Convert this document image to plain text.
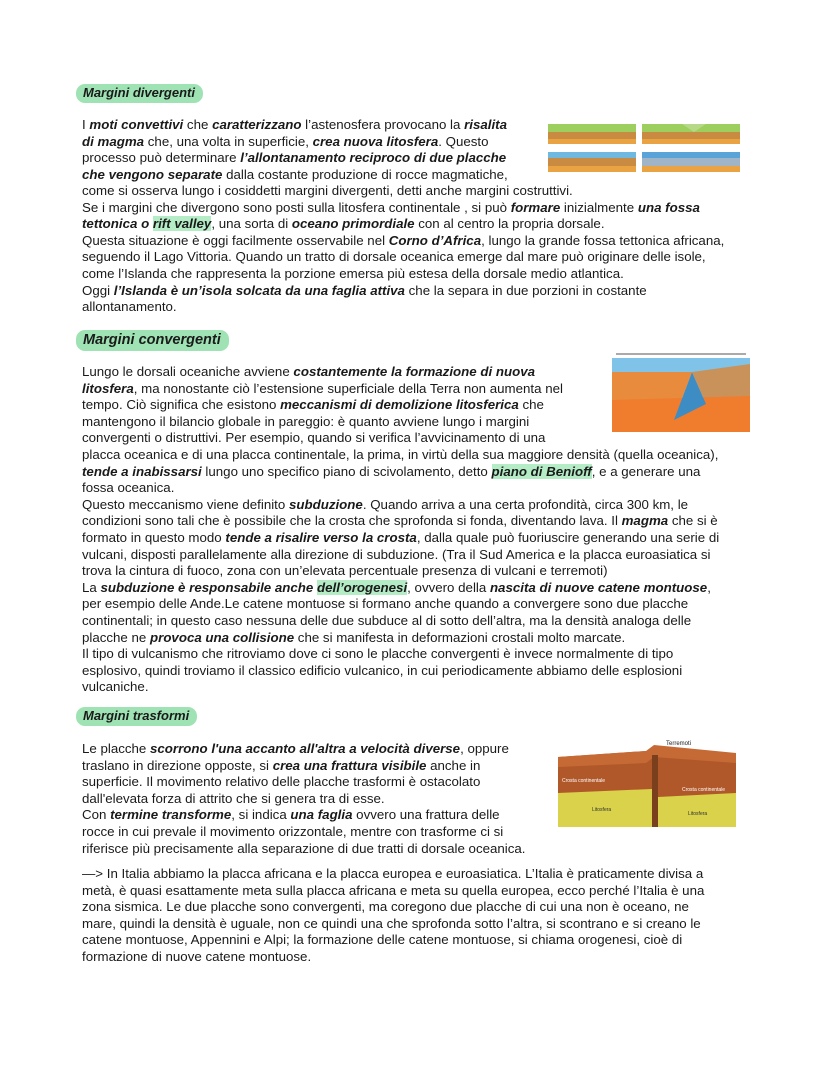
Margini divergenti
I moti convettivi che caratterizzano l’astenosfera provocano la risalita
di magma che, una volta in superficie, crea nuova litosfera. Questo
processo può determinare l’allontanamento reciproco di due placche
che vengono separate dalla costante produzione di rocce magmatiche,
come si osserva lungo i cosiddetti margini divergenti, detti anche margini costruttivi.
Se i margini che divergono sono posti sulla litosfera continentale , si può formare inizialmente una fossa
tettonica o rift valley, una sorta di oceano primordiale con al centro la propria dorsale.
Questa situazione è oggi facilmente osservabile nel Corno d’Africa, lungo la grande fossa tettonica africana,
seguendo il Lago Vittoria. Quando un tratto di dorsale oceanica emerge dal mare può originare delle isole,
come l’Islanda che rappresenta la porzione emersa più estesa della dorsale medio atlantica.
Oggi l’Islanda è un’isola solcata da una faglia attiva che la separa in due porzioni in costante
allontanamento.
Margini convergenti
Lungo le dorsali oceaniche avviene costantemente la formazione di nuova
litosfera, ma nonostante ciò l’estensione superficiale della Terra non aumenta nel
tempo. Ciò significa che esistono meccanismi di demolizione litosferica che
mantengono il bilancio globale in pareggio: è quanto avviene lungo i margini
convergenti o distruttivi. Per esempio, quando si verifica l’avvicinamento di una
placca oceanica e di una placca continentale, la prima, in virtù della sua maggiore densità (quella oceanica),
tende a inabissarsi lungo uno specifico piano di scivolamento, detto piano di Benioff, e a generare una
fossa oceanica.
Questo meccanismo viene definito subduzione. Quando arriva a una certa profondità, circa 300 km, le
condizioni sono tali che è possibile che la crosta che sprofonda si fonda, diventando lava. Il magma che si è
formato in questo modo tende a risalire verso la crosta, dalla quale può fuoriuscire generando una serie di
vulcani, disposti parallelamente alla direzione di subduzione. (Tra il Sud America e la placca euroasiatica si
trova la cintura di fuoco, zona con un’elevata percentuale presenza di vulcani e terremoti)
La subduzione è responsabile anche dell’orogenesi, ovvero della nascita di nuove catene montuose,
per esempio delle Ande.Le catene montuose si formano anche quando a convergere sono due placche
continentali; in questo caso nessuna delle due subduce al di sotto dell’altra, ma la densità analoga delle
placche ne provoca una collisione che si manifesta in deformazioni crostali molto marcate.
Il tipo di vulcanismo che ritroviamo dove ci sono le placche convergenti è invece normalmente di tipo
esplosivo, quindi troviamo il classico edificio vulcanico, in cui periodicamente abbiamo delle esplosioni
vulcaniche.
Margini trasformi
Le placche scorrono l'una accanto all'altra a velocità diverse, oppure
traslano in direzione opposte, si crea una frattura visibile anche in
superficie. Il movimento relativo delle placche trasformi è ostacolato
dall'elevata forza di attrito che si genera tra di esse.
Con termine transforme, si indica una faglia ovvero una frattura delle
rocce in cui prevale il movimento orizzontale, mentre con trasforme ci si
riferisce più precisamente alla separazione di due tratti di dorsale oceanica.
—> In Italia abbiamo la placca africana e la placca europea e euroasiatica. L’Italia è praticamente divisa a
metà, è quasi esattamente meta sulla placca africana e meta su quella europea, ecco perché l’Italia è una
zona sismica. Le due placche sono convergenti, ma coregono due placche di cui una non è oceano, ne
mare, quindi la densità è uguale, non ce quindi una che sprofonda sotto l’altra, si scontrano e si creano le
catene montuose, Appennini e Alpi; la formazione delle catene montuose, si chiama orogenesi, cioè di
formazione di nuove catene montuose.
Terremoti
Crosta continentale
Crosta continentale
Litosfera
Litosfera
